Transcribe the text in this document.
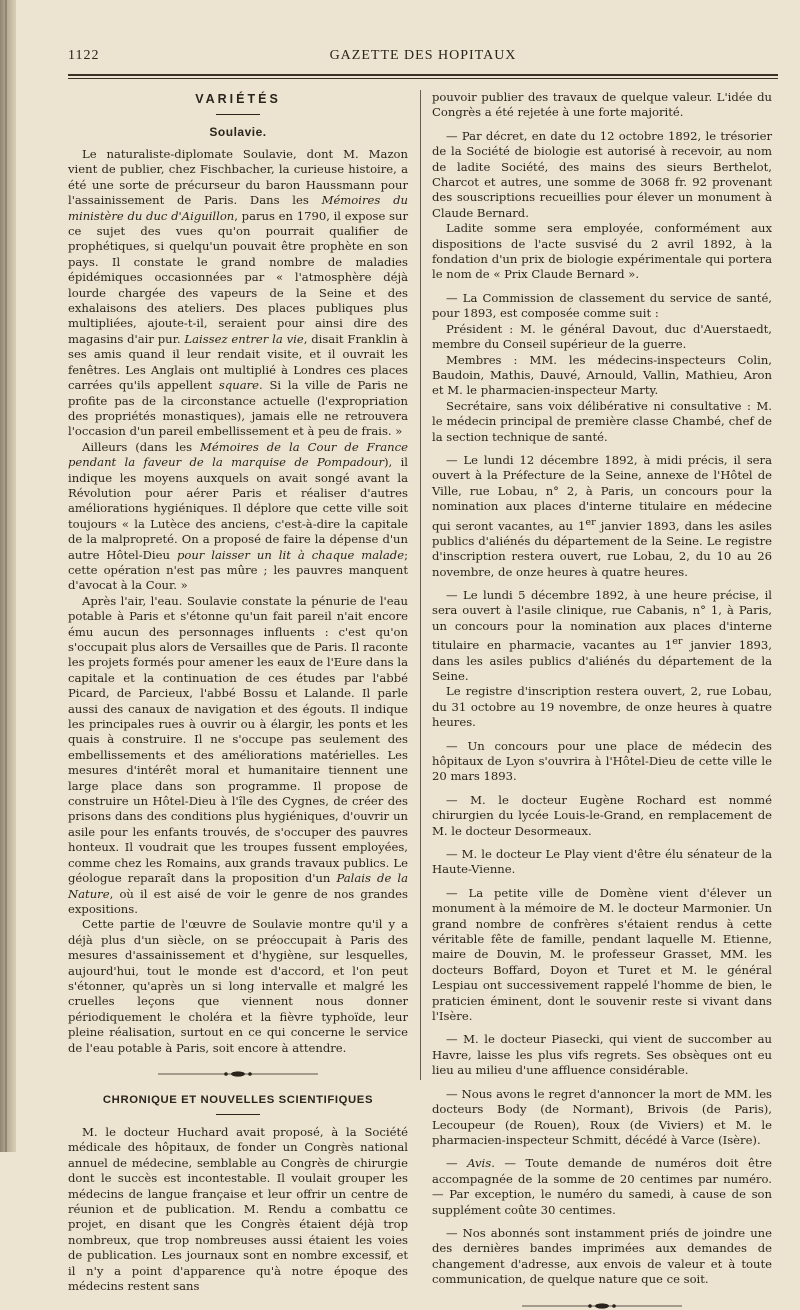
1122	GAZETTE DES HOPITAUX
VARIÉTÉS
Soulavie.

Le naturaliste-diplomate Soulavie, dont M. Mazon vient de publier, chez Fischbacher, la curieuse histoire, a été une sorte de précurseur du baron Haussmann pour l'assainissement de Paris. Dans les Mémoires du ministère du duc d'Aiguillon, parus en 1790, il expose sur ce sujet des vues qu'on pourrait qualifier de prophétiques, si quelqu'un pouvait être prophète en son pays. Il constate le grand nombre de maladies épidémiques occasionnées par « l'atmosphère déjà lourde chargée des vapeurs de la Seine et des exhalaisons des ateliers. Des places publiques plus multipliées, ajoute-t-il, seraient pour ainsi dire des magasins d'air pur. Laissez entrer la vie, disait Franklin à ses amis quand il leur rendait visite, et il ouvrait les fenêtres. Les Anglais ont multiplié à Londres ces places carrées qu'ils appellent square. Si la ville de Paris ne profite pas de la circonstance actuelle (l'expropriation des propriétés monastiques), jamais elle ne retrouvera l'occasion d'un pareil embellissement et à peu de frais. »

Ailleurs (dans les Mémoires de la Cour de France pendant la faveur de la marquise de Pompadour), il indique les moyens auxquels on avait songé avant la Révolution pour aérer Paris et réaliser d'autres améliorations hygiéniques. Il déplore que cette ville soit toujours « la Lutèce des anciens, c'est-à-dire la capitale de la malpropreté. On a proposé de faire la dépense d'un autre Hôtel-Dieu pour laisser un lit à chaque malade; cette opération n'est pas mûre ; les pauvres manquent d'avocat à la Cour. »

Après l'air, l'eau. Soulavie constate la pénurie de l'eau potable à Paris et s'étonne qu'un fait pareil n'ait encore ému aucun des personnages influents : c'est qu'on s'occupait plus alors de Versailles que de Paris. Il raconte les projets formés pour amener les eaux de l'Eure dans la capitale et la continuation de ces études par l'abbé Picard, de Parcieux, l'abbé Bossu et Lalande. Il parle aussi des canaux de navigation et des égouts. Il indique les principales rues à ouvrir ou à élargir, les ponts et les quais à construire. Il ne s'occupe pas seulement des embellissements et des améliorations matérielles. Les mesures d'intérêt moral et humanitaire tiennent une large place dans son programme. Il propose de construire un Hôtel-Dieu à l'île des Cygnes, de créer des prisons dans des conditions plus hygiéniques, d'ouvrir un asile pour les enfants trouvés, de s'occuper des pauvres honteux. Il voudrait que les troupes fussent employées, comme chez les Romains, aux grands travaux publics. Le géologue reparaît dans la proposition d'un Palais de la Nature, où il est aisé de voir le genre de nos grandes expositions.

Cette partie de l'œuvre de Soulavie montre qu'il y a déjà plus d'un siècle, on se préoccupait à Paris des mesures d'assainissement et d'hygiène, sur lesquelles, aujourd'hui, tout le monde est d'accord, et l'on peut s'étonner, qu'après un si long intervalle et malgré les cruelles leçons que viennent nous donner périodiquement le choléra et la fièvre typhoïde, leur pleine réalisation, surtout en ce qui concerne le service de l'eau potable à Paris, soit encore à attendre.

CHRONIQUE ET NOUVELLES SCIENTIFIQUES

M. le docteur Huchard avait proposé, à la Société médicale des hôpitaux, de fonder un Congrès national annuel de médecine, semblable au Congrès de chirurgie dont le succès est incontestable. Il voulait grouper les médecins de langue française et leur offrir un centre de réunion et de publication. M. Rendu a combattu ce projet, en disant que les Congrès étaient déjà trop nombreux, que trop nombreuses aussi étaient les voies de publication. Les journaux sont en nombre excessif, et il n'y a point d'apparence qu'à notre époque des médecins restent sans

pouvoir publier des travaux de quelque valeur. L'idée du Congrès a été rejetée à une forte majorité.

— Par décret, en date du 12 octobre 1892, le trésorier de la Société de biologie est autorisé à recevoir, au nom de ladite Société, des mains des sieurs Berthelot, Charcot et autres, une somme de 3068 fr. 92 provenant des souscriptions recueillies pour élever un monument à Claude Bernard.

Ladite somme sera employée, conformément aux dispositions de l'acte susvisé du 2 avril 1892, à la fondation d'un prix de biologie expérimentale qui portera le nom de « Prix Claude Bernard ».

— La Commission de classement du service de santé, pour 1893, est composée comme suit :

Président : M. le général Davout, duc d'Auerstaedt, membre du Conseil supérieur de la guerre.

Membres : MM. les médecins-inspecteurs Colin, Baudoin, Mathis, Dauvé, Arnould, Vallin, Mathieu, Aron et M. le pharmacien-inspecteur Marty.

Secrétaire, sans voix délibérative ni consultative : M. le médecin principal de première classe Chambé, chef de la section technique de santé.

— Le lundi 12 décembre 1892, à midi précis, il sera ouvert à la Préfecture de la Seine, annexe de l'Hôtel de Ville, rue Lobau, n° 2, à Paris, un concours pour la nomination aux places d'interne titulaire en médecine qui seront vacantes, au 1er janvier 1893, dans les asiles publics d'aliénés du département de la Seine. Le registre d'inscription restera ouvert, rue Lobau, 2, du 10 au 26 novembre, de onze heures à quatre heures.

— Le lundi 5 décembre 1892, à une heure précise, il sera ouvert à l'asile clinique, rue Cabanis, n° 1, à Paris, un concours pour la nomination aux places d'interne titulaire en pharmacie, vacantes au 1er janvier 1893, dans les asiles publics d'aliénés du département de la Seine.

Le registre d'inscription restera ouvert, 2, rue Lobau, du 31 octobre au 19 novembre, de onze heures à quatre heures.

— Un concours pour une place de médecin des hôpitaux de Lyon s'ouvrira à l'Hôtel-Dieu de cette ville le 20 mars 1893.

— M. le docteur Eugène Rochard est nommé chirurgien du lycée Louis-le-Grand, en remplacement de M. le docteur Desormeaux.

— M. le docteur Le Play vient d'être élu sénateur de la Haute-Vienne.

— La petite ville de Domène vient d'élever un monument à la mémoire de M. le docteur Marmonier. Un grand nombre de confrères s'étaient rendus à cette véritable fête de famille, pendant laquelle M. Etienne, maire de Douvin, M. le professeur Grasset, MM. les docteurs Boffard, Doyon et Turet et M. le général Lespiau ont successivement rappelé l'homme de bien, le praticien éminent, dont le souvenir reste si vivant dans l'Isère.

— M. le docteur Piasecki, qui vient de succomber au Havre, laisse les plus vifs regrets. Ses obsèques ont eu lieu au milieu d'une affluence considérable.

— Nous avons le regret d'annoncer la mort de MM. les docteurs Body (de Normant), Brivois (de Paris), Lecoupeur (de Rouen), Roux (de Viviers) et M. le pharmacien-inspecteur Schmitt, décédé à Varce (Isère).

— Avis. — Toute demande de numéros doit être accompagnée de la somme de 20 centimes par numéro. — Par exception, le numéro du samedi, à cause de son supplément coûte 30 centimes.

— Nos abonnés sont instamment priés de joindre une des dernières bandes imprimées aux demandes de changement d'adresse, aux envois de valeur et à toute communication, de quelque nature que ce soit.
